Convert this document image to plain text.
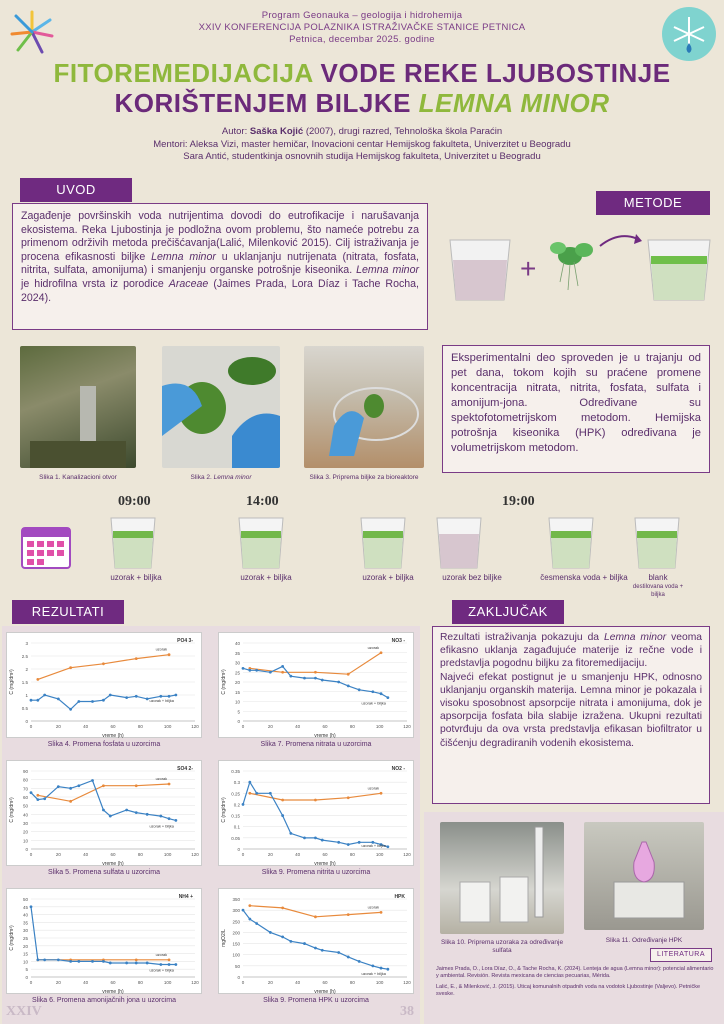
Program Geonauka – geologija i hidrohemija
XXIV KONFERENCIJA POLAZNIKA ISTRAŽIVAČKE STANICE PETNICA
Petnica, decembar 2025. godine
FITOREMEDIJACIJA VODE REKE LJUBOSTINJE
KORIŠTENJEM BILJKE LEMNA MINOR
Autor: Saška Kojić (2007), drugi razred, Tehnološka škola Paraćin
Mentori: Aleksa Vizi, master hemičar, Inovacioni centar Hemijskog fakulteta, Univerzitet u Beogradu
Sara Antić, studentkinja osnovnih studija Hemijskog fakulteta, Univerzitet u Beogradu
UVOD
Zagađenje površinskih voda nutrijentima dovodi do eutrofikacije i narušavanja ekosistema. Reka Ljubostinja je podložna ovom problemu, što nameće potrebu za primenom održivih metoda prečišćavanja(Lalić, Milenković 2015). Cilj istraživanja je procena efikasnosti biljke Lemna minor u uklanjanju nutrijenata (nitrata, fosfata, nitrita, sulfata, amonijuma) i smanjenju organske potrošnje kiseonika. Lemna minor je hidrofilna vrsta iz porodice Araceae (Jaimes Prada, Lora Díaz i Tache Rocha, 2024).
METODE
+
Slika 1. Kanalizacioni otvor	Slika 2. Lemna minor	Slika 3. Priprema biljke za bioreaktore
Eksperimentalni deo sproveden je u trajanju od pet dana, tokom kojih su praćene promene koncentracija nitrata, nitrita, fosfata, sulfata i amonijum-jona. Određivane su spektofotometrijskom metodom. Hemijska potrošnja kiseonika (HPK) određivana je volumetrijskom metodom.
09:00	14:00	19:00
uzorak + biljka	uzorak + biljka	uzorak + biljka	uzorak bez biljke	česmenska voda + biljka	blank
destilovana voda + biljka
REZULTATI
0
0.5
1
1.5
2
2.5
3
0	20	40	60	80	100	120
vreme (h)
C (mg/dm³)
PO4 3-
uzorak
uzorak + biljka
Slika 4. Promena fosfata u uzorcima
0
5
10
15
20
25
30
35
40
0	20	40	60	80	100	120
vreme (h)
C (mg/dm³)
NO3 -
uzorak
uzorak + biljka
Slika 7. Promena nitrata u uzorcima
0
10
20
30
40
50
60
70
80
90
0	20	40	60	80	100	120
vreme (h)
C (mg/dm³)
SO4 2-
uzorak
uzorak + biljka
Slika 5. Promena sulfata u uzorcima
0
0.05
0.1
0.15
0.2
0.25
0.3
0.35
0	20	40	60	80	100	120
vreme (h)
C (mg/dm³)
NO2 -
uzorak
uzorak + biljka
Slika 9. Promena nitrita u uzorcima
0
5
10
15
20
25
30
35
40
45
50
0	20	40	60	80	100	120
vreme (h)
C (mg/dm³)
NH4 +
uzorak
uzorak + biljka
Slika 6. Promena amonijačnih jona u uzorcima
0
50
100
150
200
250
300
350
0	20	40	60	80	100	120
vreme (h)
mgO2/L
HPK
uzorak
uzorak + biljka
Slika 9. Promena HPK u uzorcima
ZAKLJUČAK

Rezultati istraživanja pokazuju da Lemna minor veoma efikasno uklanja zagađujuće materije iz rečne vode i predstavlja pogodnu biljku za fitoremedijaciju.

Najveći efekat postignut je u smanjenju HPK, odnosno uklanjanju organskih materija. Lemna minor je pokazala i visoku sposobnost apsorpcije nitrata i amonijuma, dok je apsorpcija fosfata bila slabije izražena. Ukupni rezultati potvrđuju da ova vrsta predstavlja efikasan biofiltrator u čišćenju degradiranih vodenih ekosistema.

Slika 10. Priprema uzoraka za određivanje sulfata
Slika 11. Određivanje HPK
LITERATURA

Jaimes Prada, O., Lora Díaz, O., & Tache Rocha, K. (2024). Lenteja de agua (Lemna minor): potencial alimentario y ambiental. Revisión. Revista mexicana de ciencias pecuarias, Mérida.

Lalić, E., & Milenković, J. (2015). Uticaj komunalnih otpadnih voda na vodotok Ljubostinje (Valjevo). Petničke sveske.

XXIV	38
